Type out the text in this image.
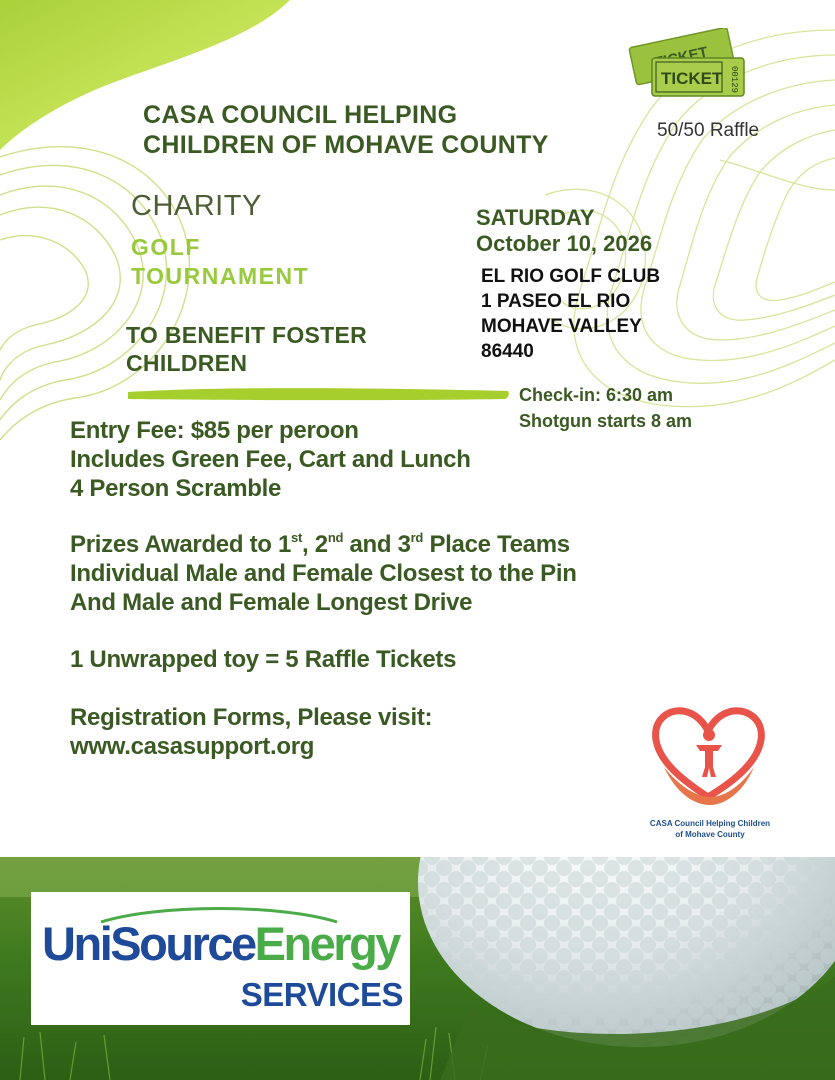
TICKET 00129
50/50 Raffle
CASA COUNCIL HELPING
CHILDREN OF MOHAVE COUNTY
CHARITY
GOLF
TOURNAMENT
TO BENEFIT FOSTER
CHILDREN
SATURDAY
October 10, 2026
EL RIO GOLF CLUB
1 PASEO EL RIO
MOHAVE VALLEY
86440
Check-in: 6:30 am
Shotgun starts 8 am
Entry Fee: $85 per peroon
Includes Green Fee, Cart and Lunch
4 Person Scramble
Prizes Awarded to 1st, 2nd and 3rd Place Teams
Individual Male and Female Closest to the Pin
And Male and Female Longest Drive
1 Unwrapped toy = 5 Raffle Tickets
Registration Forms, Please visit:
www.casasupport.org
CASA Council Helping Children
of Mohave County
UniSourceEnergy
SERVICES
